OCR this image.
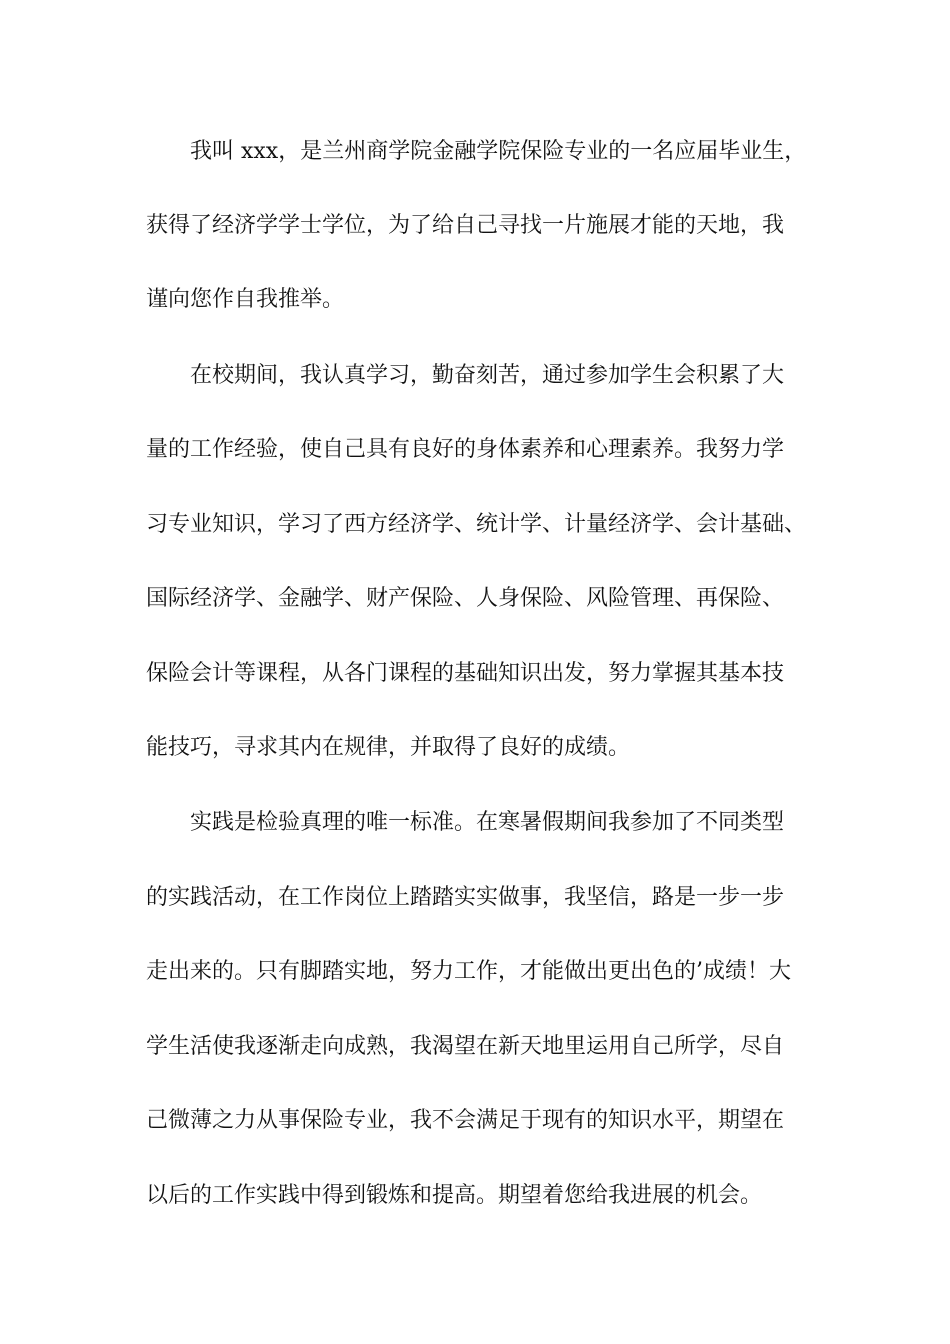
我叫 xxx，是兰州商学院金融学院保险专业的一名应届毕业生，

获得了经济学学士学位，为了给自己寻找一片施展才能的天地，我

谨向您作自我推举。

在校期间，我认真学习，勤奋刻苦，通过参加学生会积累了大

量的工作经验，使自己具有良好的身体素养和心理素养。我努力学

习专业知识，学习了西方经济学、统计学、计量经济学、会计基础、

国际经济学、金融学、财产保险、人身保险、风险管理、再保险、

保险会计等课程，从各门课程的基础知识出发，努力掌握其基本技

能技巧，寻求其内在规律，并取得了良好的成绩。

实践是检验真理的唯一标准。在寒暑假期间我参加了不同类型

的实践活动，在工作岗位上踏踏实实做事，我坚信，路是一步一步

走出来的。只有脚踏实地，努力工作，才能做出更出色的’成绩！大

学生活使我逐渐走向成熟，我渴望在新天地里运用自己所学，尽自

己微薄之力从事保险专业，我不会满足于现有的知识水平，期望在

以后的工作实践中得到锻炼和提高。期望着您给我进展的机会。
